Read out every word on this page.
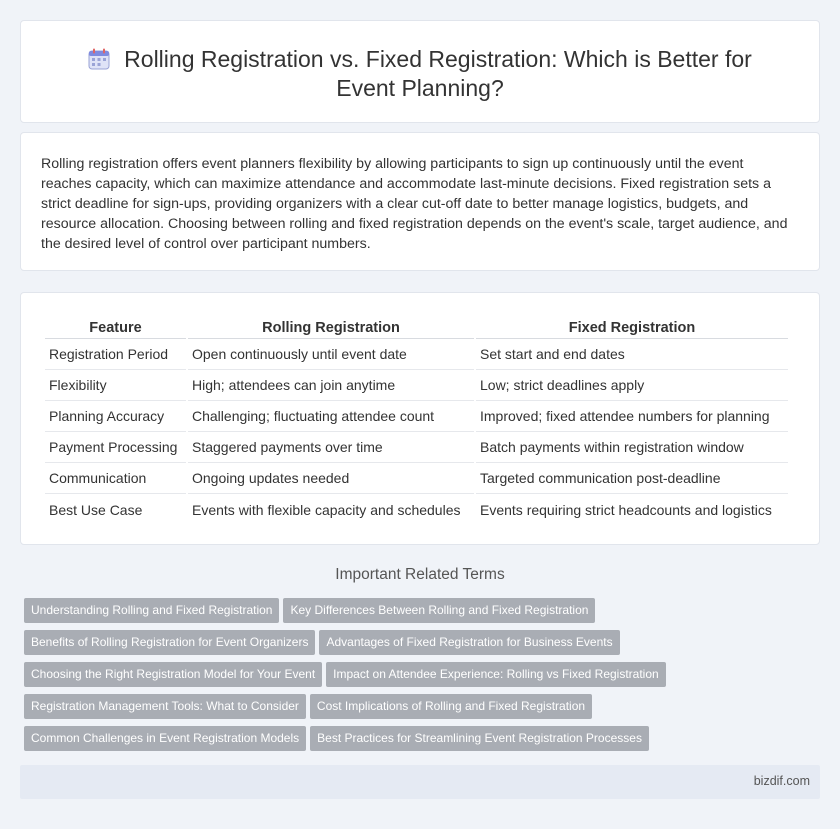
Rolling Registration vs. Fixed Registration: Which is Better for Event Planning?

Rolling registration offers event planners flexibility by allowing participants to sign up continuously until the event reaches capacity, which can maximize attendance and accommodate last-minute decisions. Fixed registration sets a strict deadline for sign-ups, providing organizers with a clear cut-off date to better manage logistics, budgets, and resource allocation. Choosing between rolling and fixed registration depends on the event's scale, target audience, and the desired level of control over participant numbers.

Feature	Rolling Registration	Fixed Registration
Registration Period	Open continuously until event date	Set start and end dates
Flexibility	High; attendees can join anytime	Low; strict deadlines apply
Planning Accuracy	Challenging; fluctuating attendee count	Improved; fixed attendee numbers for planning
Payment Processing	Staggered payments over time	Batch payments within registration window
Communication	Ongoing updates needed	Targeted communication post-deadline
Best Use Case	Events with flexible capacity and schedules	Events requiring strict headcounts and logistics
Important Related Terms
Understanding Rolling and Fixed Registration Key Differences Between Rolling and Fixed Registration
Benefits of Rolling Registration for Event Organizers Advantages of Fixed Registration for Business Events
Choosing the Right Registration Model for Your Event Impact on Attendee Experience: Rolling vs Fixed Registration
Registration Management Tools: What to Consider Cost Implications of Rolling and Fixed Registration
Common Challenges in Event Registration Models Best Practices for Streamlining Event Registration Processes
bizdif.com
